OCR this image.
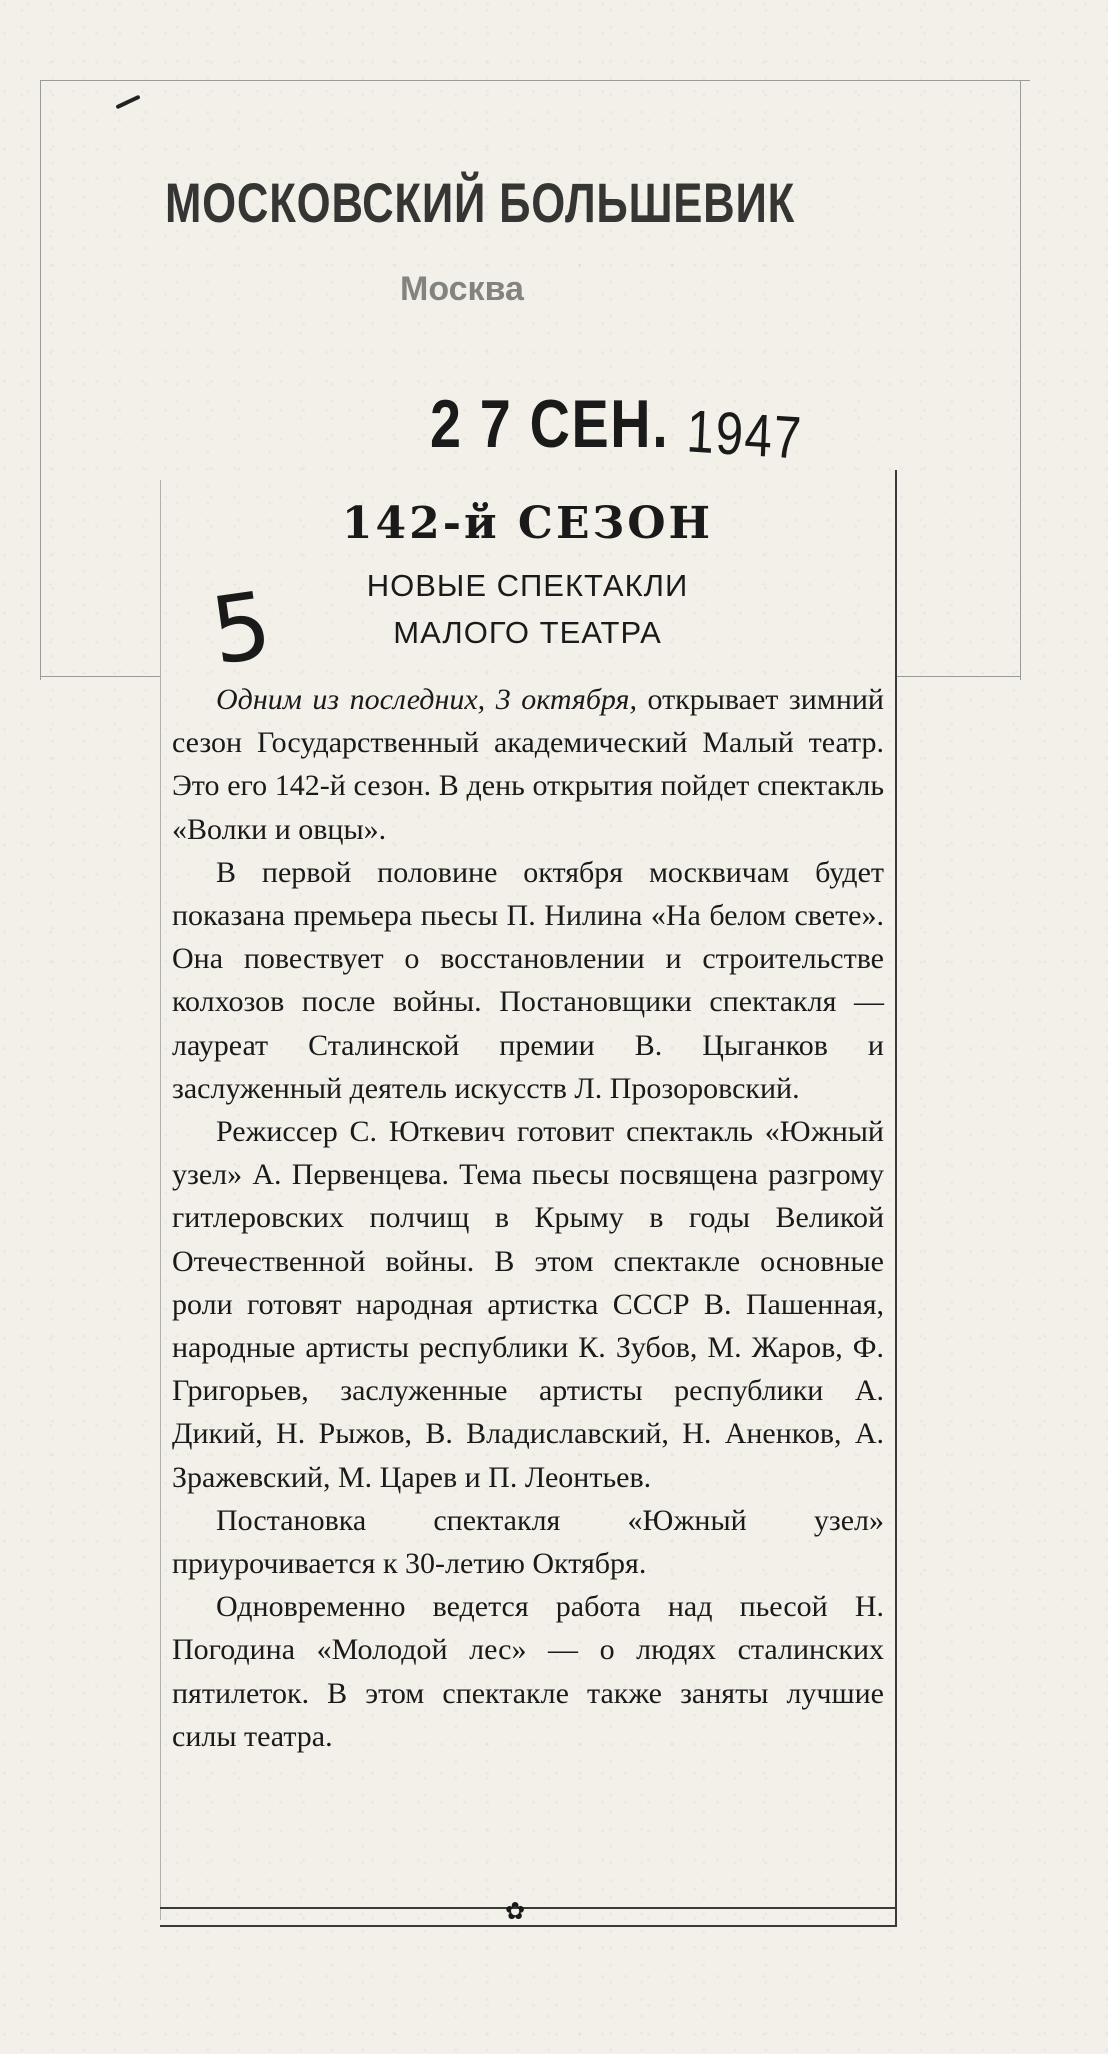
МОСКОВСКИЙ БОЛЬШЕВИК
Москва
2 7 СЕН. 1947
5
142-й СЕЗОН
НОВЫЕ СПЕКТАКЛИ
МАЛОГО ТЕАТРА

Одним из последних, 3 октября, открывает зимний сезон Государственный академический Малый театр. Это его 142-й сезон. В день открытия пойдет спектакль «Волки и овцы».

В первой половине октября москвичам будет показана премьера пьесы П. Нилина «На белом свете». Она повествует о восстановлении и строительстве колхозов после войны. Постановщики спектакля — лауреат Сталинской премии В. Цыганков и заслуженный деятель искусств Л. Прозоровский.

Режиссер С. Юткевич готовит спектакль «Южный узел» А. Первенцева. Тема пьесы посвящена разгрому гитлеровских полчищ в Крыму в годы Великой Отечественной войны. В этом спектакле основные роли готовят народная артистка СССР В. Пашенная, народные артисты республики К. Зубов, М. Жаров, Ф. Григорьев, заслуженные артисты республики А. Дикий, Н. Рыжов, В. Владиславский, Н. Аненков, А. Зражевский, М. Царев и П. Леонтьев.

Постановка спектакля «Южный узел» приурочивается к 30-летию Октября.

Одновременно ведется работа над пьесой Н. Погодина «Молодой лес» — о людях сталинских пятилеток. В этом спектакле также заняты лучшие силы театра.

✿
